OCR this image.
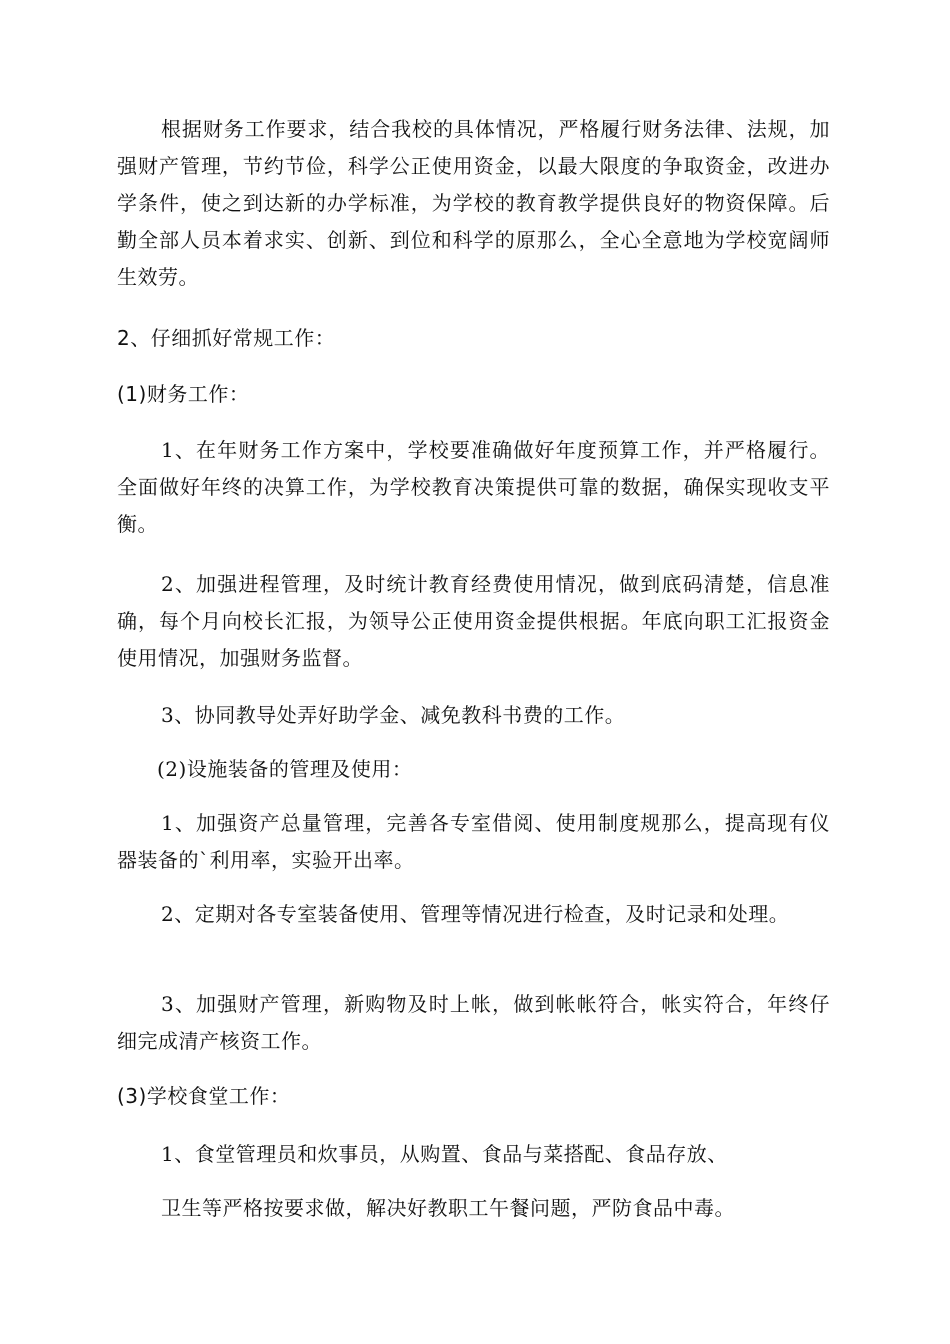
根据财务工作要求，结合我校的具体情况，严格履行财务法律、法规，加强财产管理，节约节俭，科学公正使用资金，以最大限度的争取资金，改进办学条件，使之到达新的办学标准，为学校的教育教学提供良好的物资保障。后勤全部人员本着求实、创新、到位和科学的原那么，全心全意地为学校宽阔师生效劳。

2、仔细抓好常规工作：

(1)财务工作：

1、在年财务工作方案中，学校要准确做好年度预算工作，并严格履行。全面做好年终的决算工作，为学校教育决策提供可靠的数据，确保实现收支平衡。

2、加强进程管理，及时统计教育经费使用情况，做到底码清楚，信息准确，每个月向校长汇报，为领导公正使用资金提供根据。年底向职工汇报资金使用情况，加强财务监督。

3、协同教导处弄好助学金、减免教科书费的工作。

(2)设施装备的管理及使用：

1、加强资产总量管理，完善各专室借阅、使用制度规那么，提高现有仪器装备的`利用率，实验开出率。

2、定期对各专室装备使用、管理等情况进行检查，及时记录和处理。

3、加强财产管理，新购物及时上帐，做到帐帐符合，帐实符合，年终仔细完成清产核资工作。

(3)学校食堂工作：

1、食堂管理员和炊事员，从购置、食品与菜搭配、食品存放、

卫生等严格按要求做，解决好教职工午餐问题，严防食品中毒。
